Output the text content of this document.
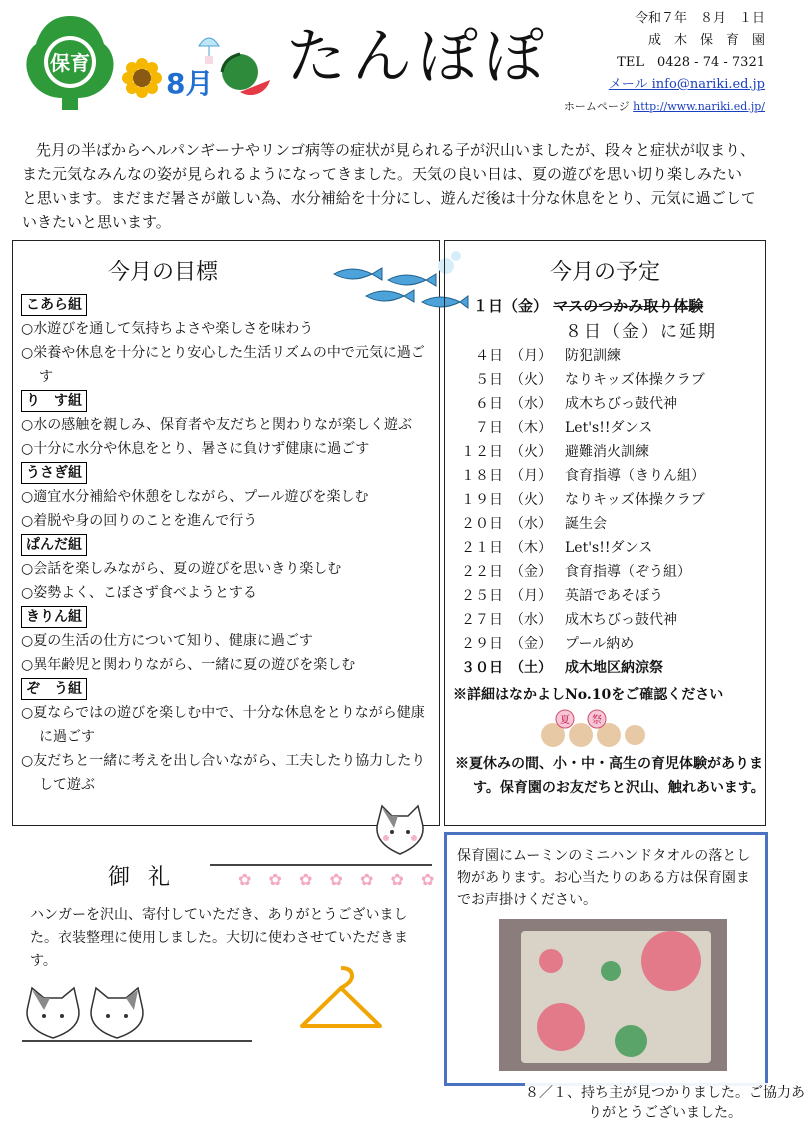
保育
8月 たんぽぽ
令和７年　８月　１日
成　木　保　育　園
TEL　0428 - 74 - 7321
メール info@nariki.ed.jp
ホームページ http://www.nariki.ed.jp/
先月の半ばからヘルパンギーナやリンゴ病等の症状が見られる子が沢山いましたが、段々と症状が収まり、また元気なみんなの姿が見られるようになってきました。天気の良い日は、夏の遊びを思い切り楽しみたいと思います。まだまだ暑さが厳しい為、水分補給を十分にし、遊んだ後は十分な休息をとり、元気に過ごしていきたいと思います。
今月の目標
こあら組
○水遊びを通して気持ちよさや楽しさを味わう
○栄養や休息を十分にとり安心した生活リズムの中で元気に過ごす
り　す組
○水の感触を親しみ、保育者や友だちと関わりなが楽しく遊ぶ
○十分に水分や休息をとり、暑さに負けず健康に過ごす
うさぎ組
○適宜水分補給や休憩をしながら、プール遊びを楽しむ
○着脱や身の回りのことを進んで行う
ぱんだ組
○会話を楽しみながら、夏の遊びを思いきり楽しむ
○姿勢よく、こぼさず食べようとする
きりん組
○夏の生活の仕方について知り、健康に過ごす
○異年齢児と関わりながら、一緒に夏の遊びを楽しむ
ぞ　う組
○夏ならではの遊びを楽しむ中で、十分な休息をとりながら健康に過ごす
○友だちと一緒に考えを出し合いながら、工夫したり協力したりして遊ぶ
今月の予定
１日（金） マスのつかみ取り体験
８日（金）に延期
４日 （月） 防犯訓練
５日 （火） なりキッズ体操クラブ
６日 （水） 成木ちびっ鼓代神
７日 （木） Let's!!ダンス
１２日 （火） 避難消火訓練
１８日 （月） 食育指導（きりん組）
１９日 （火） なりキッズ体操クラブ
２０日 （水） 誕生会
２１日 （木） Let's!!ダンス
２２日 （金） 食育指導（ぞう組）
２５日 （月） 英語であそぼう
２７日 （水） 成木ちびっ鼓代神
２９日 （金） プール納め
３０日 （土） 成木地区納涼祭
※詳細はなかよしNo.10をご確認ください
夏 祭
※夏休みの間、小・中・高生の育児体験があります。保育園のお友だちと沢山、触れあいます。
御礼	✿ ✿ ✿ ✿ ✿ ✿ ✿
ハンガーを沢山、寄付していただき、ありがとうございました。衣装整理に使用しました。大切に使わさせていただきます。
保育園にムーミンのミニハンドタオルの落とし物があります。お心当たりのある方は保育園までお声掛けください。
８／１、持ち主が見つかりました。ご協力ありがとうございました。
